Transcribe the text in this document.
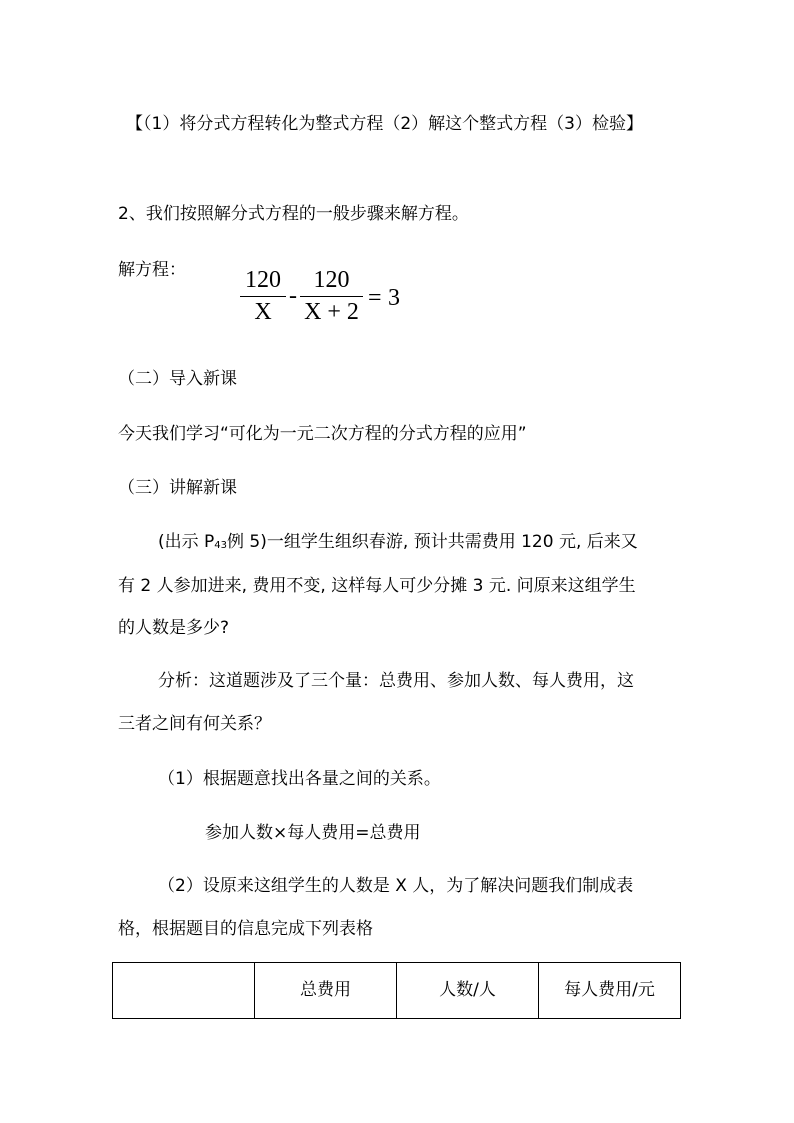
【（1）将分式方程转化为整式方程（2）解这个整式方程（3）检验】
2、我们按照解分式方程的一般步骤来解方程。
解方程： 120
X
-
120
X + 2
= 3
（二）导入新课
今天我们学习“可化为一元二次方程的分式方程的应用”
（三）讲解新课
(出示 $P_{43}$例 5)一组学生组织春游, 预计共需费用 120 元, 后来又
有 2 人参加进来, 费用不变, 这样每人可少分摊 3 元. 问原来这组学生
的人数是多少?
分析：这道题涉及了三个量：总费用、参加人数、每人费用，这
三者之间有何关系？
（1）根据题意找出各量之间的关系。
参加人数×每人费用=总费用
（2）设原来这组学生的人数是 X 人，为了解决问题我们制成表
格，根据题目的信息完成下列表格
	总费用	人数/人	每人费用/元
